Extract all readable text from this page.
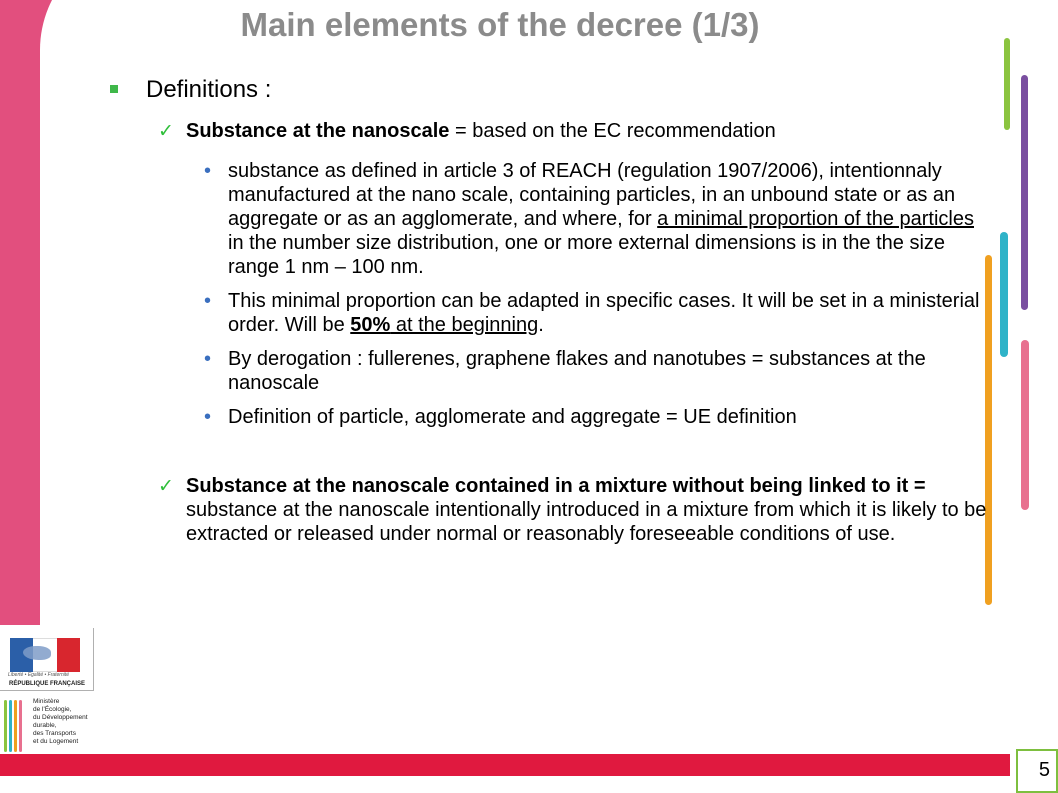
Main elements of the decree (1/3)

Definitions :

✓ Substance at the nanoscale = based on the EC recommendation

• substance as defined in article 3 of REACH (regulation 1907/2006), intentionnaly manufactured at the nano scale, containing particles, in an unbound state or as an aggregate or as an agglomerate, and where, for a minimal proportion of the particles in the number size distribution, one or more external dimensions is in the the size range 1 nm – 100 nm.

• This minimal proportion can be adapted in specific cases. It will be set in a ministerial order. Will be 50% at the beginning.

• By derogation : fullerenes, graphene flakes and nanotubes = substances at the nanoscale

• Definition of particle, agglomerate and aggregate = UE definition

✓ Substance at the nanoscale contained in a mixture without being linked to it = substance at the nanoscale intentionally introduced in a mixture from which it is likely to be extracted or released under normal or reasonably foreseeable conditions of use.

Liberté • Égalité • Fraternité
RÉPUBLIQUE FRANÇAISE
Ministère
de l'Écologie,
du Développement
durable,
des Transports
et du Logement
5
